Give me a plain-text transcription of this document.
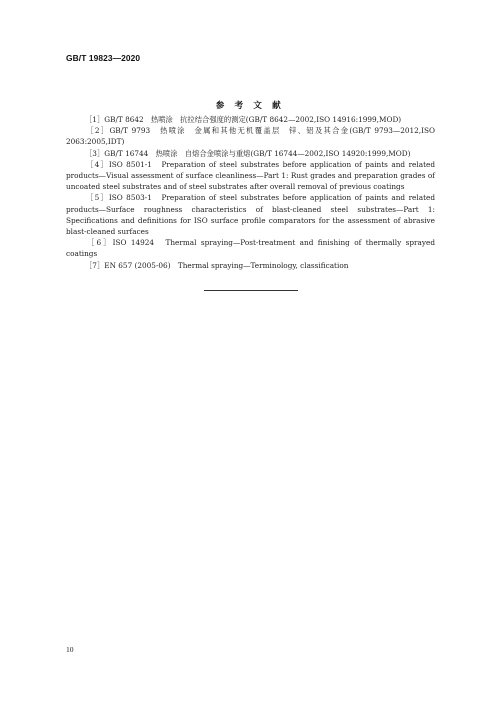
GB/T 19823—2020
参 考 文 献

［1］GB/T 8642　热喷涂　抗拉结合强度的测定(GB/T 8642—2002,ISO 14916:1999,MOD)

［2］GB/T 9793　热喷涂　金属和其他无机覆盖层　锌、铝及其合金(GB/T 9793—2012,ISO 2063:2005,IDT)

［3］GB/T 16744　热喷涂　自熔合金喷涂与重熔(GB/T 16744—2002,ISO 14920:1999,MOD)

［4］ISO 8501-1　Preparation of steel substrates before application of paints and related products—Visual assessment of surface cleanliness—Part 1: Rust grades and preparation grades of uncoated steel substrates and of steel substrates after overall removal of previous coatings

［5］ISO 8503-1　Preparation of steel substrates before application of paints and related products—Surface roughness characteristics of blast-cleaned steel substrates—Part 1: Specifications and definitions for ISO surface profile comparators for the assessment of abrasive blast-cleaned surfaces

［6］ISO 14924　Thermal spraying—Post-treatment and finishing of thermally sprayed coatings

［7］EN 657 (2005-06)　Thermal spraying—Terminology, classification

10
